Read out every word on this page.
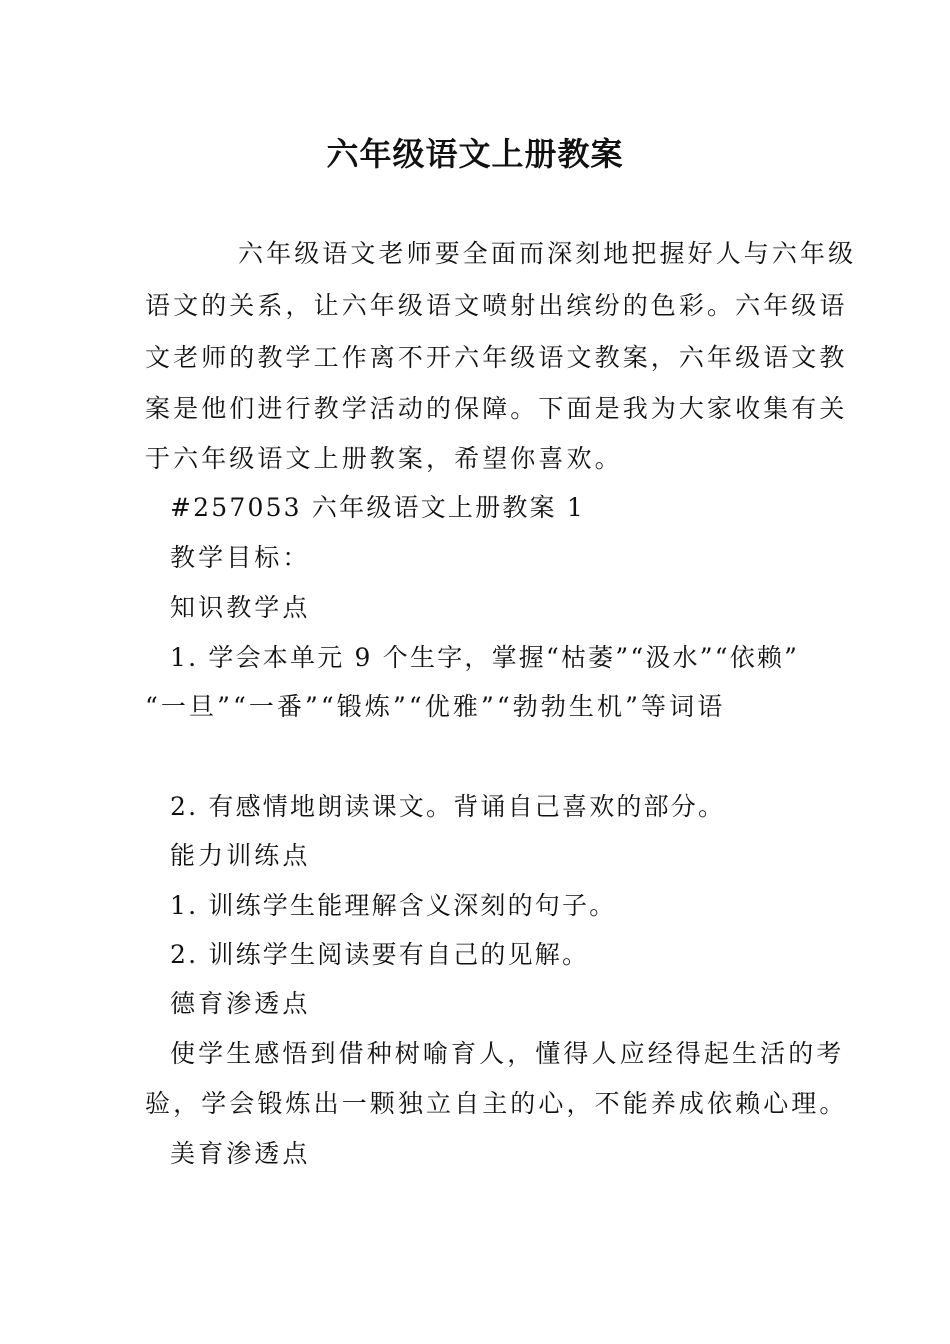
六年级语文上册教案
六年级语文老师要全面而深刻地把握好人与六年级
语文的关系，让六年级语文喷射出缤纷的色彩。六年级语
文老师的教学工作离不开六年级语文教案，六年级语文教
案是他们进行教学活动的保障。下面是我为大家收集有关
于六年级语文上册教案，希望你喜欢。
#257053 六年级语文上册教案 1
教学目标：
知识教学点
1. 学会本单元 9 个生字，掌握“枯萎”“汲水”“依赖”
“一旦”“一番”“锻炼”“优雅”“勃勃生机”等词语
2. 有感情地朗读课文。背诵自己喜欢的部分。
能力训练点
1. 训练学生能理解含义深刻的句子。
2. 训练学生阅读要有自己的见解。
德育渗透点
使学生感悟到借种树喻育人，懂得人应经得起生活的考
验，学会锻炼出一颗独立自主的心，不能养成依赖心理。
美育渗透点
